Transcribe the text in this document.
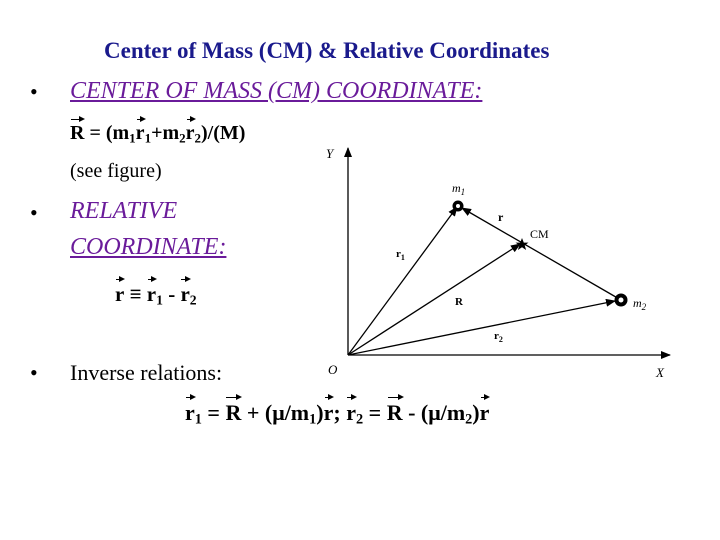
Center of Mass (CM) & Relative Coordinates
• CENTER OF MASS (CM) COORDINATE:
$R = (m_1r_1+m_2r_2)/(M)$
(see figure)
• RELATIVE
COORDINATE:
$r \equiv r_1 - r_2$
• Inverse relations:
$r_1 = R + (\mu/m_1)r$; $r_2 = R - (\mu/m_2)r$
Y
X
O
$m_1$
$m_2$
CM
r
$r_1$
R
$r_2$
